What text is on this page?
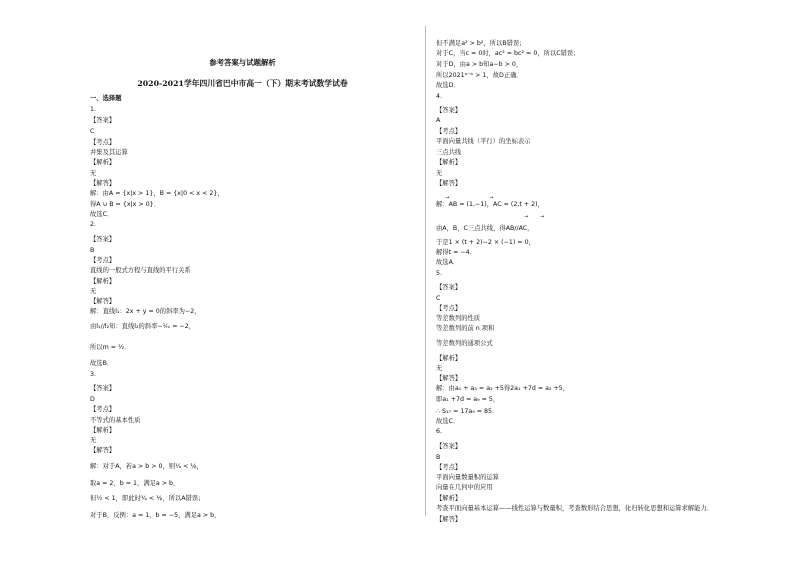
参考答案与试题解析
2020-2021学年四川省巴中市高一（下）期末考试数学试卷
一、选择题
1.
【答案】
C
【考点】
并集及其运算
【解析】
无
【解答】
解：由A = {x|x > 1}，B = {x|0 < x < 2}，
得A ∪ B = {x|x > 0}．
故选C．
2.
【答案】
B
【考点】
直线的一般式方程与直线的平行关系
【解析】
无
【解答】
解：直线l₁：2x + y = 0的斜率为−2，
由l₁//l₂知：直线l₂的斜率−¹⁄ₘ = −2，
所以m = ½．
故选B．
3.
【答案】
D
【考点】
不等式的基本性质
【解析】
无
【解答】
解：对于A，若a > b > 0，则¹⁄ₐ < ¹⁄ᵦ，
取a = 2，b = 1，满足a > b，
但½ < 1，即此时¹⁄ₐ < ¹⁄ᵦ，所以A错误；
对于B，反例：a = 1，b = −5，满足a > b，
但不满足a² > b²，所以B错误；
对于C，当c = 0时，ac² = bc² = 0，所以C错误；
对于D，由a > b知a−b > 0，
所以2021ᵃ⁻ᵇ > 1，故D正确．
故选D．
4.
【答案】
A
【考点】
平面向量共线（平行）的坐标表示
三点共线
【解析】
无
【解答】
解：AB = (1,−1)，AC = (2,t + 2)，
由A，B，C三点共线，得AB//AC，
于是1 × (t + 2)−2 × (−1) = 0，
解得t = −4．
故选A．
5.
【答案】
C
【考点】
等差数列的性质
等差数列的前 n 项和
等差数列的通项公式
【解析】
无
【解答】
解：由a₁ + a₃ = a₂ +5得2a₁ +7d = a₂ +5，
即a₁ +7d = a₉ = 5，
∴ S₁₇ = 17a₉ = 85．
故选C．
6.
【答案】
B
【考点】
平面向量数量积的运算
向量在几何中的应用
【解析】
考查平面向量基本运算——线性运算与数量积，考查数形结合思想，化归转化思想和运算求解能力．
【解答】
→	→
→ →
